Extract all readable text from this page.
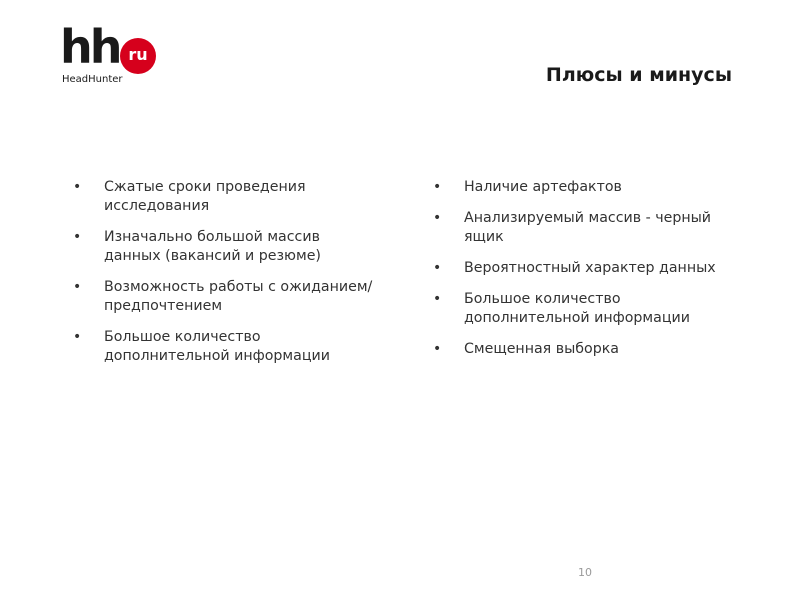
hh ru
HeadHunter	Плюсы и минусы
• Сжатые сроки проведения исследования
• Изначально большой массив данных (вакансий и резюме)
• Возможность работы с ожиданием/предпочтением
• Большое количество дополнительной информации
• Наличие артефактов
• Анализируемый массив - черный ящик
• Вероятностный характер данных
• Большое количество дополнительной информации
• Смещенная выборка
10
